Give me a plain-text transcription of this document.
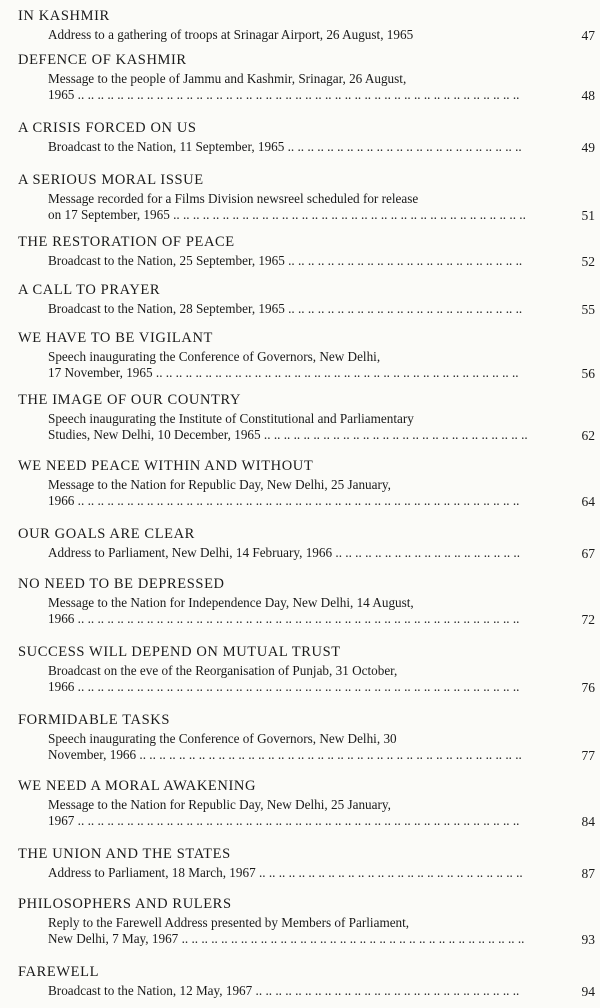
IN KASHMIR
Address to a gathering of troops at Srinagar Airport, 26 August, 1965	47
DEFENCE OF KASHMIR
Message to the people of Jammu and Kashmir, Srinagar, 26 August,
1965 .. .. .. .. .. .. .. .. .. .. .. .. .. .. .. .. .. .. .. .. .. .. .. .. .. .. .. .. .. .. .. .. .. .. .. .. .. .. .. .. .. .. .. .. ..	48
A CRISIS FORCED ON US
Broadcast to the Nation, 11 September, 1965 .. .. .. .. .. .. .. .. .. .. .. .. .. .. .. .. .. .. .. .. .. .. .. ..	49
A SERIOUS MORAL ISSUE
Message recorded for a Films Division newsreel scheduled for release
on 17 September, 1965 .. .. .. .. .. .. .. .. .. .. .. .. .. .. .. .. .. .. .. .. .. .. .. .. .. .. .. .. .. .. .. .. .. .. .. ..	51
THE RESTORATION OF PEACE
Broadcast to the Nation, 25 September, 1965 .. .. .. .. .. .. .. .. .. .. .. .. .. .. .. .. .. .. .. .. .. .. .. ..	52
A CALL TO PRAYER
Broadcast to the Nation, 28 September, 1965 .. .. .. .. .. .. .. .. .. .. .. .. .. .. .. .. .. .. .. .. .. .. .. ..	55
WE HAVE TO BE VIGILANT
Speech inaugurating the Conference of Governors, New Delhi,
17 November, 1965 .. .. .. .. .. .. .. .. .. .. .. .. .. .. .. .. .. .. .. .. .. .. .. .. .. .. .. .. .. .. .. .. .. .. .. .. ..	56
THE IMAGE OF OUR COUNTRY
Speech inaugurating the Institute of Constitutional and Parliamentary
Studies, New Delhi, 10 December, 1965 .. .. .. .. .. .. .. .. .. .. .. .. .. .. .. .. .. .. .. .. .. .. .. .. .. .. ..	62
WE NEED PEACE WITHIN AND WITHOUT
Message to the Nation for Republic Day, New Delhi, 25 January,
1966 .. .. .. .. .. .. .. .. .. .. .. .. .. .. .. .. .. .. .. .. .. .. .. .. .. .. .. .. .. .. .. .. .. .. .. .. .. .. .. .. .. .. .. .. ..	64
OUR GOALS ARE CLEAR
Address to Parliament, New Delhi, 14 February, 1966 .. .. .. .. .. .. .. .. .. .. .. .. .. .. .. .. .. .. ..	67
NO NEED TO BE DEPRESSED
Message to the Nation for Independence Day, New Delhi, 14 August,
1966 .. .. .. .. .. .. .. .. .. .. .. .. .. .. .. .. .. .. .. .. .. .. .. .. .. .. .. .. .. .. .. .. .. .. .. .. .. .. .. .. .. .. .. .. ..	72
SUCCESS WILL DEPEND ON MUTUAL TRUST
Broadcast on the eve of the Reorganisation of Punjab, 31 October,
1966 .. .. .. .. .. .. .. .. .. .. .. .. .. .. .. .. .. .. .. .. .. .. .. .. .. .. .. .. .. .. .. .. .. .. .. .. .. .. .. .. .. .. .. .. ..	76
FORMIDABLE TASKS
Speech inaugurating the Conference of Governors, New Delhi, 30
November, 1966 .. .. .. .. .. .. .. .. .. .. .. .. .. .. .. .. .. .. .. .. .. .. .. .. .. .. .. .. .. .. .. .. .. .. .. .. .. .. ..	77
WE NEED A MORAL AWAKENING
Message to the Nation for Republic Day, New Delhi, 25 January,
1967 .. .. .. .. .. .. .. .. .. .. .. .. .. .. .. .. .. .. .. .. .. .. .. .. .. .. .. .. .. .. .. .. .. .. .. .. .. .. .. .. .. .. .. .. ..	84
THE UNION AND THE STATES
Address to Parliament, 18 March, 1967 .. .. .. .. .. .. .. .. .. .. .. .. .. .. .. .. .. .. .. .. .. .. .. .. .. .. ..	87
PHILOSOPHERS AND RULERS
Reply to the Farewell Address presented by Members of Parliament,
New Delhi, 7 May, 1967 .. .. .. .. .. .. .. .. .. .. .. .. .. .. .. .. .. .. .. .. .. .. .. .. .. .. .. .. .. .. .. .. .. .. ..	93
FAREWELL
Broadcast to the Nation, 12 May, 1967 .. .. .. .. .. .. .. .. .. .. .. .. .. .. .. .. .. .. .. .. .. .. .. .. .. .. ..	94
